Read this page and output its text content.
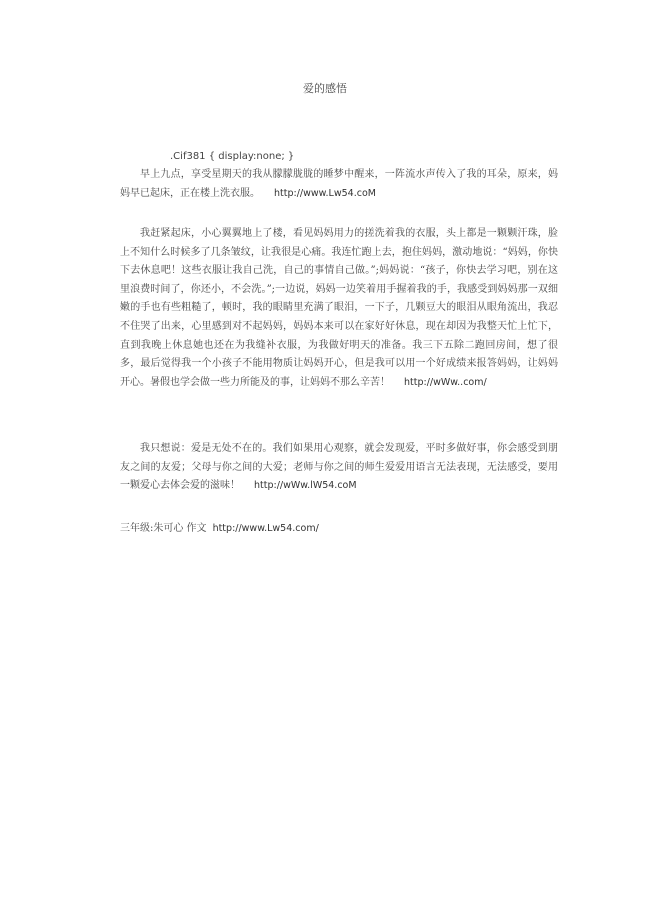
爱的感悟
.Cif381 { display:none; }

早上九点，享受星期天的我从朦朦胧胧的睡梦中醒来，一阵流水声传入了我的耳朵，原来，妈妈早已起床，正在楼上洗衣服。 http://www.Lw54.coM

我赶紧起床，小心翼翼地上了楼，看见妈妈用力的搓洗着我的衣服，头上都是一颗颗汗珠，脸上不知什么时候多了几条皱纹，让我很是心痛。我连忙跑上去，抱住妈妈，激动地说：“妈妈，你快下去休息吧！这些衣服让我自己洗，自己的事情自己做。”;妈妈说：“孩子，你快去学习吧，别在这里浪费时间了，你还小，不会洗。”;一边说，妈妈一边笑着用手握着我的手，我感受到妈妈那一双细嫩的手也有些粗糙了，顿时，我的眼睛里充满了眼泪，一下子，几颗豆大的眼泪从眼角流出，我忍不住哭了出来，心里感到对不起妈妈，妈妈本来可以在家好好休息，现在却因为我整天忙上忙下，直到我晚上休息她也还在为我缝补衣服，为我做好明天的准备。我三下五除二跑回房间，想了很多，最后觉得我一个小孩子不能用物质让妈妈开心，但是我可以用一个好成绩来报答妈妈，让妈妈开心。暑假也学会做一些力所能及的事，让妈妈不那么辛苦！ http://wWw..com/

我只想说：爱是无处不在的。我们如果用心观察，就会发现爱，平时多做好事，你会感受到朋友之间的友爱；父母与你之间的大爱；老师与你之间的师生爱爱用语言无法表现，无法感受，要用一颗爱心去体会爱的滋味！ http://wWw.lW54.coM

三年级:朱可心 作文 http://www.Lw54.com/
